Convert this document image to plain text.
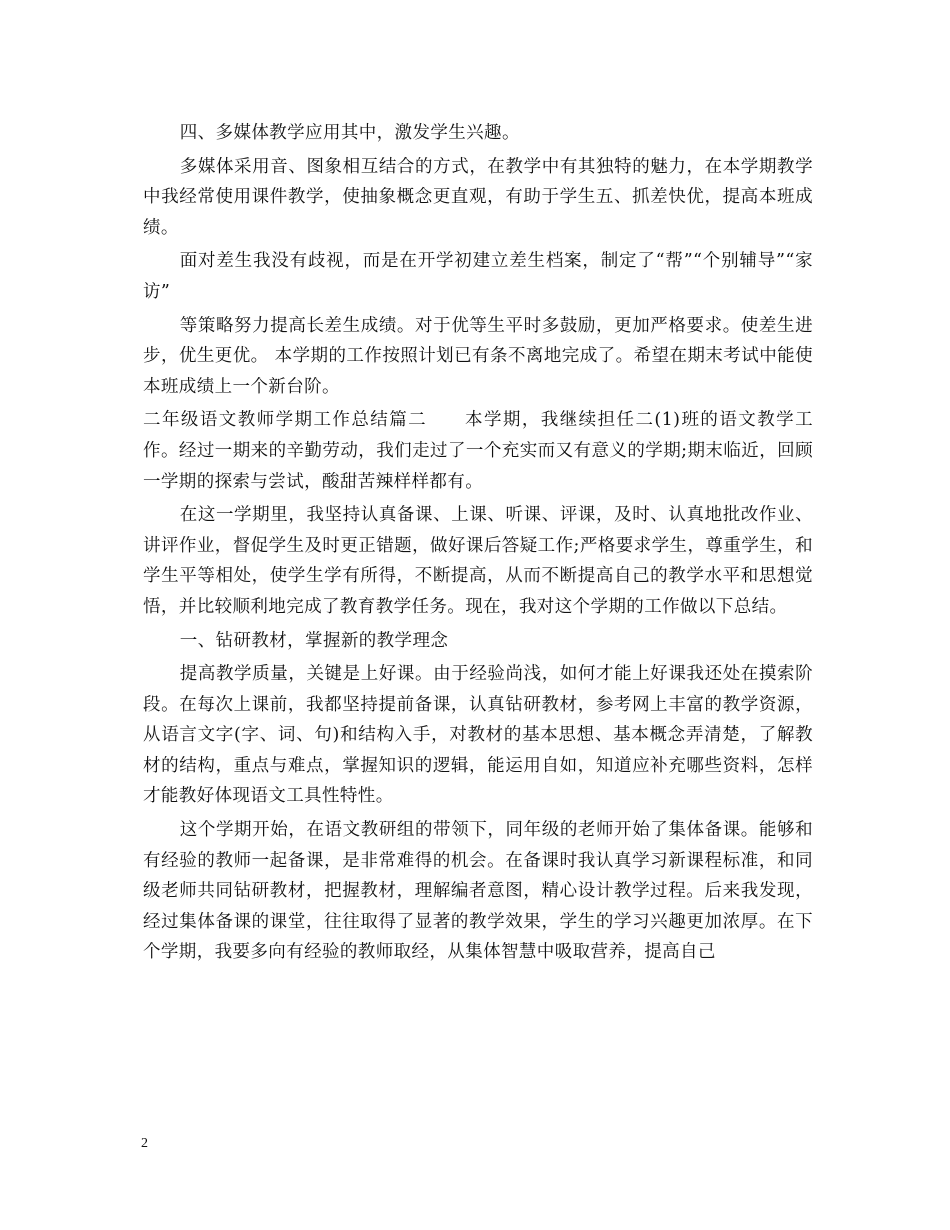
四、多媒体教学应用其中，激发学生兴趣。

多媒体采用音、图象相互结合的方式，在教学中有其独特的魅力，在本学期教学中我经常使用课件教学，使抽象概念更直观，有助于学生五、抓差快优，提高本班成绩。

面对差生我没有歧视，而是在开学初建立差生档案，制定了“帮”“个别辅导”“家访”

等策略努力提高长差生成绩。对于优等生平时多鼓励，更加严格要求。使差生进步，优生更优。 本学期的工作按照计划已有条不离地完成了。希望在期末考试中能使本班成绩上一个新台阶。

二年级语文教师学期工作总结篇二　　本学期，我继续担任二(1)班的语文教学工作。经过一期来的辛勤劳动，我们走过了一个充实而又有意义的学期;期末临近，回顾一学期的探索与尝试，酸甜苦辣样样都有。

在这一学期里，我坚持认真备课、上课、听课、评课，及时、认真地批改作业、讲评作业，督促学生及时更正错题，做好课后答疑工作;严格要求学生，尊重学生，和学生平等相处，使学生学有所得，不断提高，从而不断提高自己的教学水平和思想觉悟，并比较顺利地完成了教育教学任务。现在，我对这个学期的工作做以下总结。

一、钻研教材，掌握新的教学理念

提高教学质量，关键是上好课。由于经验尚浅，如何才能上好课我还处在摸索阶段。在每次上课前，我都坚持提前备课，认真钻研教材，参考网上丰富的教学资源，从语言文字(字、词、句)和结构入手，对教材的基本思想、基本概念弄清楚，了解教材的结构，重点与难点，掌握知识的逻辑，能运用自如，知道应补充哪些资料，怎样才能教好体现语文工具性特性。

这个学期开始，在语文教研组的带领下，同年级的老师开始了集体备课。能够和有经验的教师一起备课，是非常难得的机会。在备课时我认真学习新课程标准，和同级老师共同钻研教材，把握教材，理解编者意图，精心设计教学过程。后来我发现，经过集体备课的课堂，往往取得了显著的教学效果，学生的学习兴趣更加浓厚。在下个学期，我要多向有经验的教师取经，从集体智慧中吸取营养，提高自己

2
